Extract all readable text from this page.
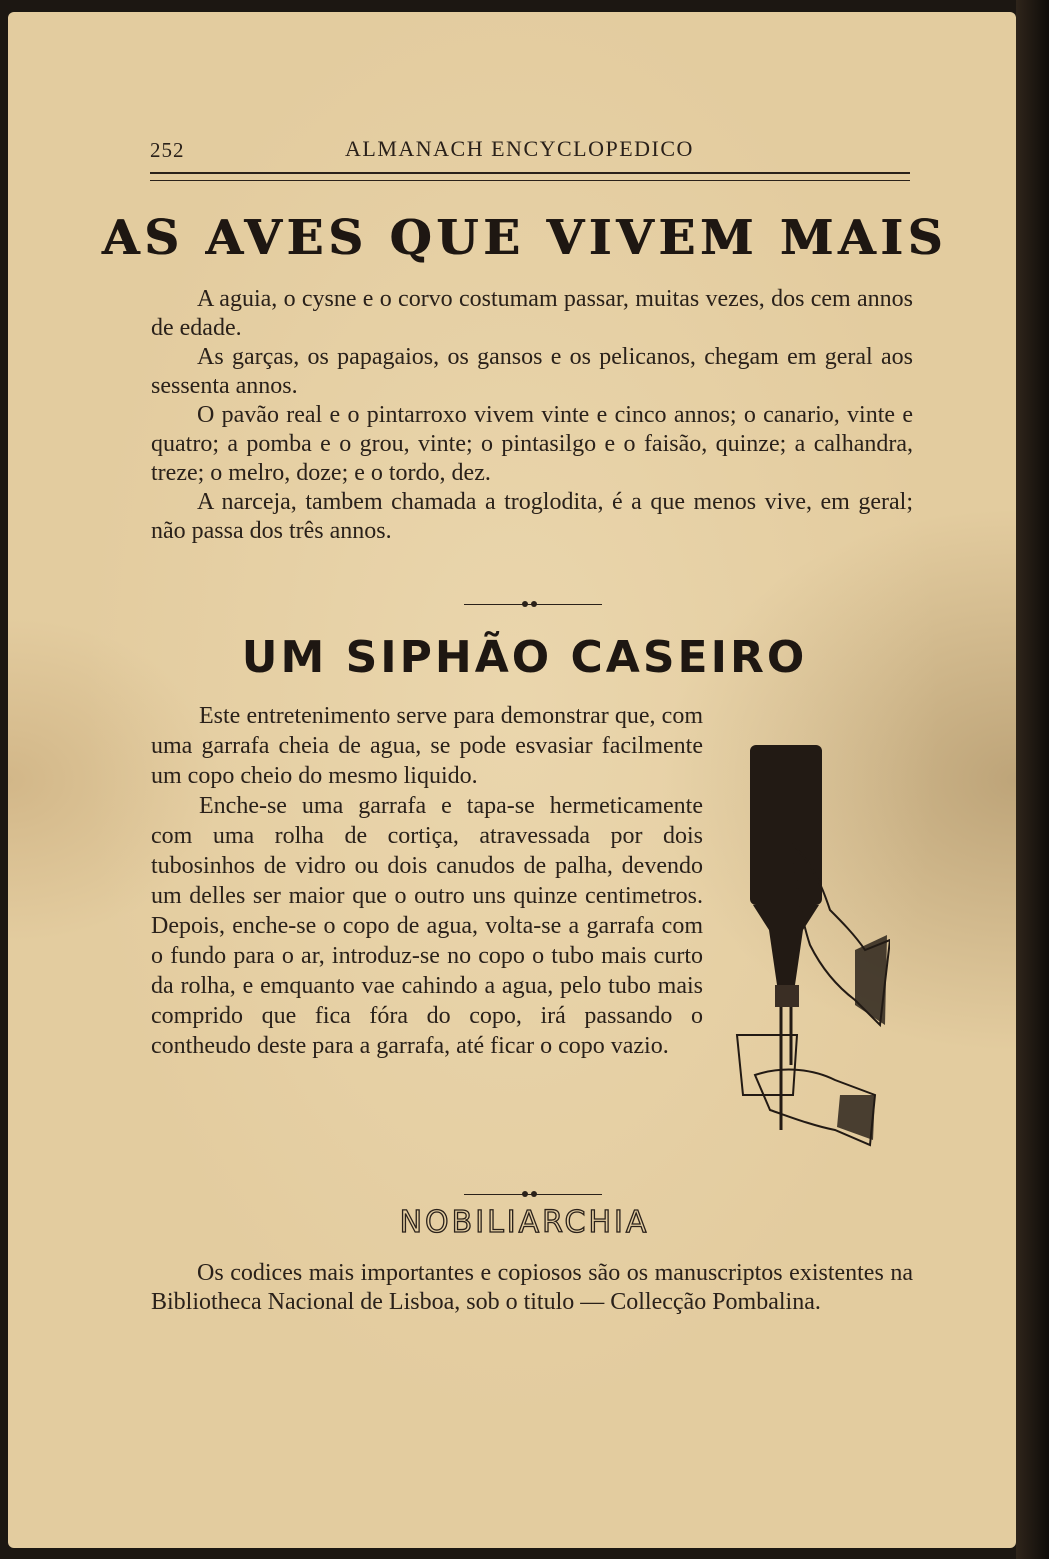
252	ALMANACH ENCYCLOPEDICO
AS AVES QUE VIVEM MAIS

A aguia, o cysne e o corvo costumam passar, muitas vezes, dos cem annos de edade.

As garças, os papagaios, os gansos e os pelicanos, chegam em geral aos sessenta annos.

O pavão real e o pintarroxo vivem vinte e cinco annos; o canario, vinte e quatro; a pomba e o grou, vinte; o pintasilgo e o faisão, quinze; a calhandra, treze; o melro, doze; e o tordo, dez.

A narceja, tambem chamada a troglodita, é a que menos vive, em geral; não passa dos três annos.

UM SIPHÃO CASEIRO

Este entretenimento serve para demonstrar que, com uma garrafa cheia de agua, se pode esvasiar facilmente um copo cheio do mesmo liquido.

Enche-se uma garrafa e tapa-se hermeticamente com uma rolha de cortiça, atravessada por dois tubosinhos de vidro ou dois canudos de palha, devendo um delles ser maior que o outro uns quinze centimetros. Depois, enche-se o copo de agua, volta-se a garrafa com o fundo para o ar, introduz-se no copo o tubo mais curto da rolha, e emquanto vae cahindo a agua, pelo tubo mais comprido que fica fóra do copo, irá passando o contheudo deste para a garrafa, até ficar o copo vazio.

NOBILIARCHIA

Os codices mais importantes e copiosos são os manuscriptos existentes na Bibliotheca Nacional de Lisboa, sob o titulo — Collecção Pombalina.
